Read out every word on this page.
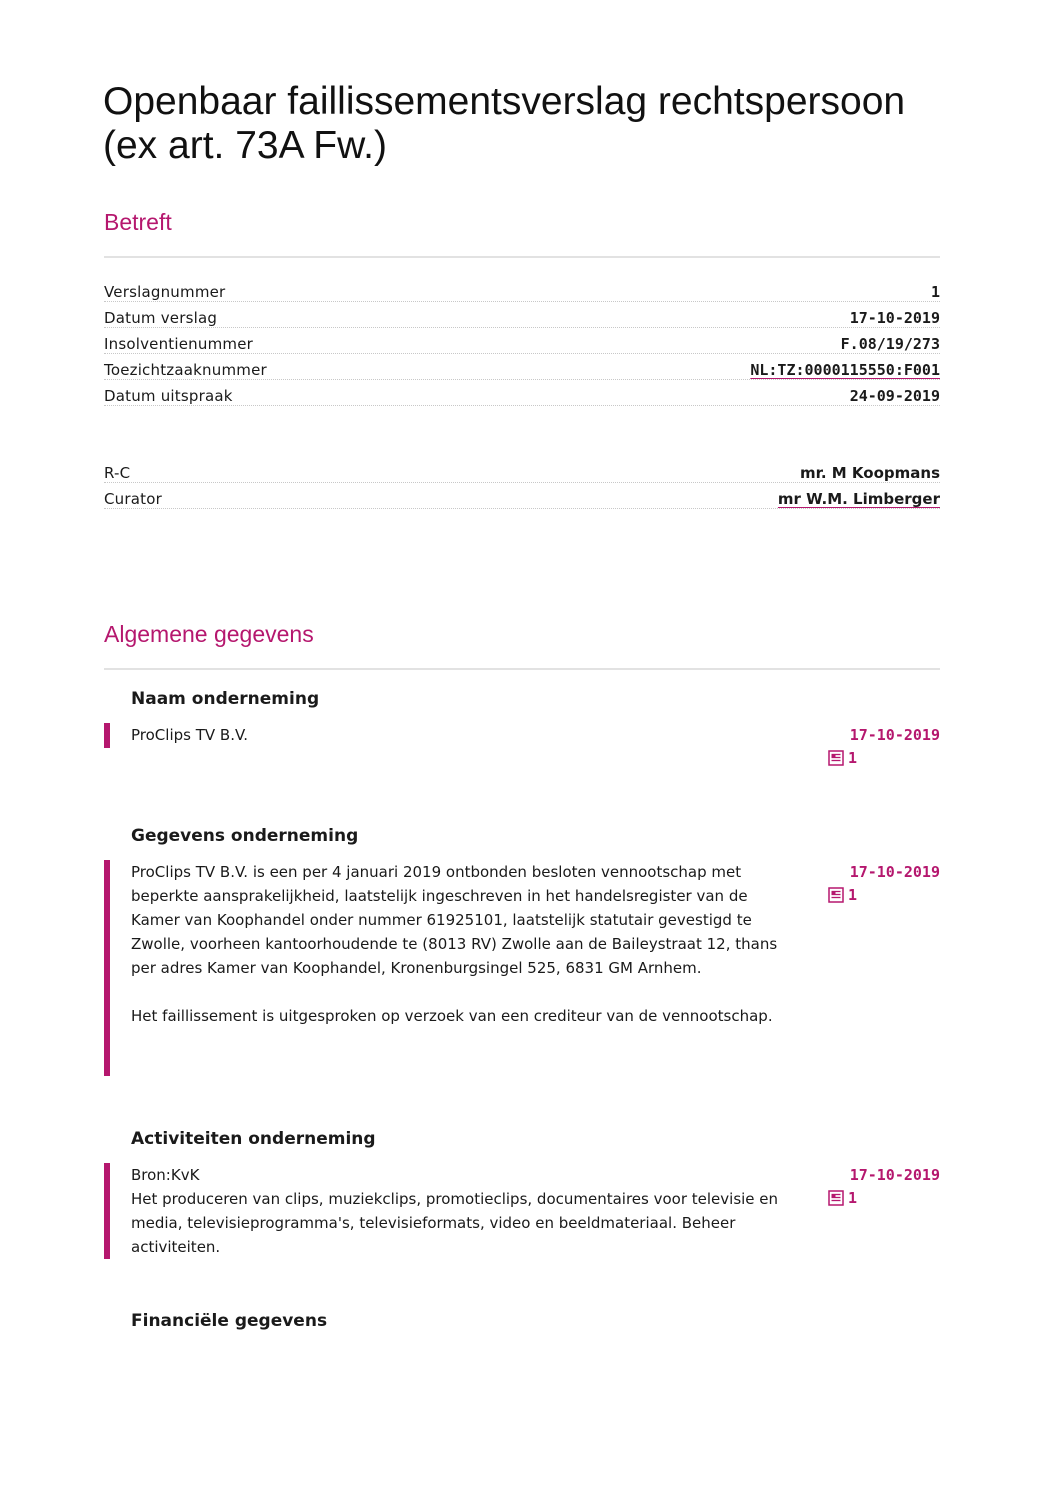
Openbaar faillissementsverslag rechtspersoon (ex art. 73A Fw.)
Betreft
Verslagnummer	1
Datum verslag	17-10-2019
Insolventienummer	F.08/19/273
Toezichtzaaknummer	NL:TZ:0000115550:F001
Datum uitspraak	24-09-2019
R-C	mr. M Koopmans
Curator	mr W.M. Limberger
Algemene gegevens
Naam onderneming

ProClips TV B.V.	17-10-2019
1
Gegevens onderneming

ProClips TV B.V. is een per 4 januari 2019 ontbonden besloten vennootschap met beperkte aansprakelijkheid, laatstelijk ingeschreven in het handelsregister van de Kamer van Koophandel onder nummer 61925101, laatstelijk statutair gevestigd te Zwolle, voorheen kantoorhoudende te (8013 RV) Zwolle aan de Baileystraat 12, thans per adres Kamer van Koophandel, Kronenburgsingel 525, 6831 GM Arnhem.

Het faillissement is uitgesproken op verzoek van een crediteur van de vennootschap.

17-10-2019
1
Activiteiten onderneming

Bron:KvK

Het produceren van clips, muziekclips, promotieclips, documentaires voor televisie en media, televisieprogramma's, televisieformats, video en beeldmateriaal. Beheer activiteiten.

17-10-2019
1
Financiële gegevens
